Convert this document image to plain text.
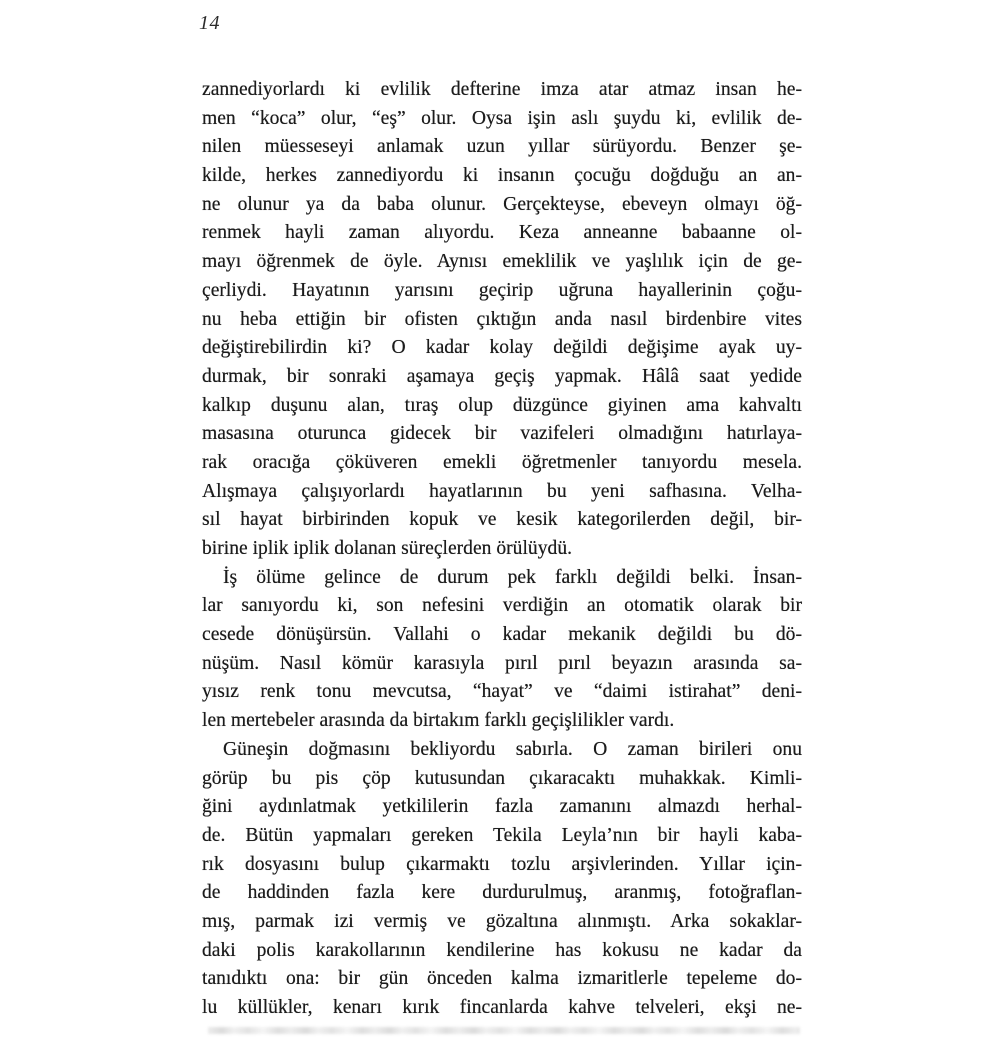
14
zannediyorlardı ki evlilik defterine imza atar atmaz insan he-
men “koca” olur, “eş” olur. Oysa işin aslı şuydu ki, evlilik de-
nilen müesseseyi anlamak uzun yıllar sürüyordu. Benzer şe-
kilde, herkes zannediyordu ki insanın çocuğu doğduğu an an-
ne olunur ya da baba olunur. Gerçekteyse, ebeveyn olmayı öğ-
renmek hayli zaman alıyordu. Keza anneanne babaanne ol-
mayı öğrenmek de öyle. Aynısı emeklilik ve yaşlılık için de ge-
çerliydi. Hayatının yarısını geçirip uğruna hayallerinin çoğu-
nu heba ettiğin bir ofisten çıktığın anda nasıl birdenbire vites
değiştirebilirdin ki? O kadar kolay değildi değişime ayak uy-
durmak, bir sonraki aşamaya geçiş yapmak. Hâlâ saat yedide
kalkıp duşunu alan, tıraş olup düzgünce giyinen ama kahvaltı
masasına oturunca gidecek bir vazifeleri olmadığını hatırlaya-
rak oracığa çöküveren emekli öğretmenler tanıyordu mesela.
Alışmaya çalışıyorlardı hayatlarının bu yeni safhasına. Velha-
sıl hayat birbirinden kopuk ve kesik kategorilerden değil, bir-
birine iplik iplik dolanan süreçlerden örülüydü.
İş ölüme gelince de durum pek farklı değildi belki. İnsan-
lar sanıyordu ki, son nefesini verdiğin an otomatik olarak bir
cesede dönüşürsün. Vallahi o kadar mekanik değildi bu dö-
nüşüm. Nasıl kömür karasıyla pırıl pırıl beyazın arasında sa-
yısız renk tonu mevcutsa, “hayat” ve “daimi istirahat” deni-
len mertebeler arasında da birtakım farklı geçişlilikler vardı.
Güneşin doğmasını bekliyordu sabırla. O zaman birileri onu
görüp bu pis çöp kutusundan çıkaracaktı muhakkak. Kimli-
ğini aydınlatmak yetkililerin fazla zamanını almazdı herhal-
de. Bütün yapmaları gereken Tekila Leyla’nın bir hayli kaba-
rık dosyasını bulup çıkarmaktı tozlu arşivlerinden. Yıllar için-
de haddinden fazla kere durdurulmuş, aranmış, fotoğraflan-
mış, parmak izi vermiş ve gözaltına alınmıştı. Arka sokaklar-
daki polis karakollarının kendilerine has kokusu ne kadar da
tanıdıktı ona: bir gün önceden kalma izmaritlerle tepeleme do-
lu küllükler, kenarı kırık fincanlarda kahve telveleri, ekşi ne-
